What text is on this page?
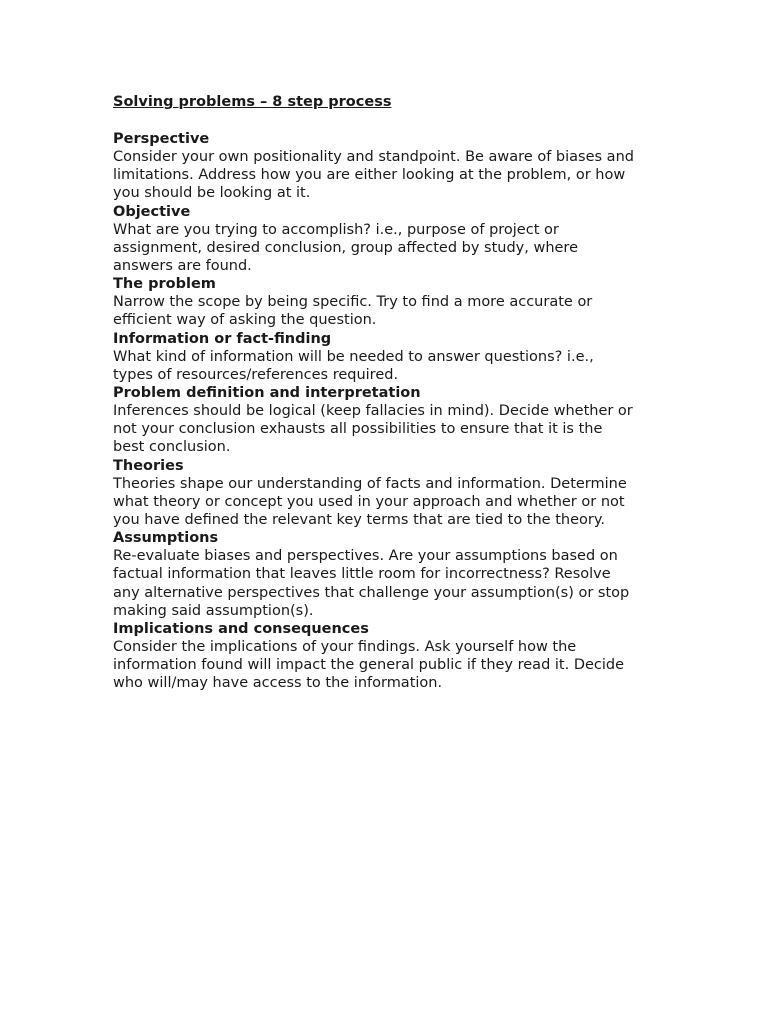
Solving problems – 8 step process
Perspective
Consider your own positionality and standpoint. Be aware of biases and
limitations. Address how you are either looking at the problem, or how
you should be looking at it.
Objective
What are you trying to accomplish? i.e., purpose of project or
assignment, desired conclusion, group affected by study, where
answers are found.
The problem
Narrow the scope by being specific. Try to find a more accurate or
efficient way of asking the question.
Information or fact-finding
What kind of information will be needed to answer questions? i.e.,
types of resources/references required.
Problem definition and interpretation
Inferences should be logical (keep fallacies in mind). Decide whether or
not your conclusion exhausts all possibilities to ensure that it is the
best conclusion.
Theories
Theories shape our understanding of facts and information. Determine
what theory or concept you used in your approach and whether or not
you have defined the relevant key terms that are tied to the theory.
Assumptions
Re-evaluate biases and perspectives. Are your assumptions based on
factual information that leaves little room for incorrectness? Resolve
any alternative perspectives that challenge your assumption(s) or stop
making said assumption(s).
Implications and consequences
Consider the implications of your findings. Ask yourself how the
information found will impact the general public if they read it. Decide
who will/may have access to the information.
